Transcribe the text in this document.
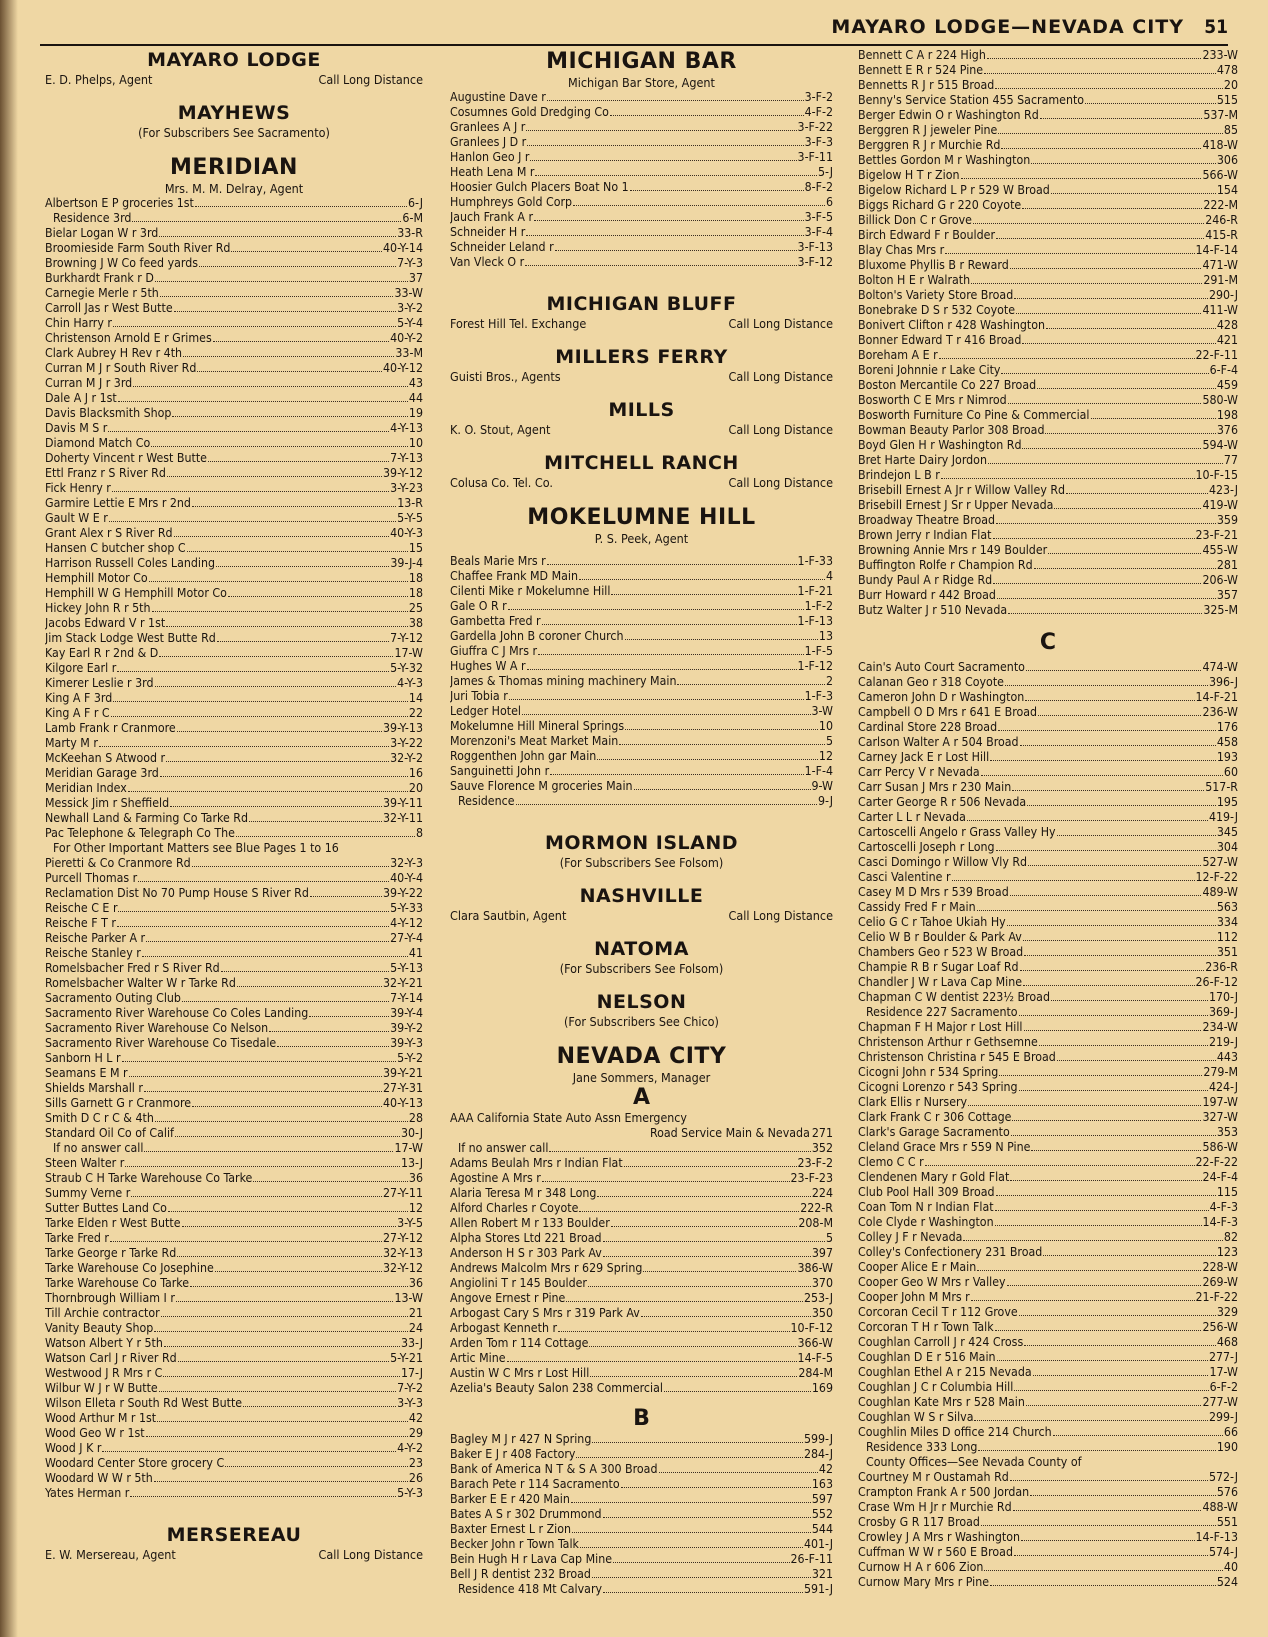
MAYARO LODGE—NEVADA CITY 51
MAYARO LODGE
E. D. Phelps, Agent	Call Long Distance
MAYHEWS
(For Subscribers See Sacramento)
MERIDIAN
Mrs. M. M. Delray, Agent
Albertson E P groceries 1st	6-J
Residence 3rd	6-M
Bielar Logan W r 3rd	33-R
Broomieside Farm South River Rd	40-Y-14
Browning J W Co feed yards	7-Y-3
Burkhardt Frank r D	37
Carnegie Merle r 5th	33-W
Carroll Jas r West Butte	3-Y-2
Chin Harry r	5-Y-4
Christenson Arnold E r Grimes	40-Y-2
Clark Aubrey H Rev r 4th	33-M
Curran M J r South River Rd	40-Y-12
Curran M J r 3rd	43
Dale A J r 1st	44
Davis Blacksmith Shop	19
Davis M S r	4-Y-13
Diamond Match Co	10
Doherty Vincent r West Butte	7-Y-13
Ettl Franz r S River Rd	39-Y-12
Fick Henry r	3-Y-23
Garmire Lettie E Mrs r 2nd	13-R
Gault W E r	5-Y-5
Grant Alex r S River Rd	40-Y-3
Hansen C butcher shop C	15
Harrison Russell Coles Landing	39-J-4
Hemphill Motor Co	18
Hemphill W G Hemphill Motor Co	18
Hickey John R r 5th	25
Jacobs Edward V r 1st	38
Jim Stack Lodge West Butte Rd	7-Y-12
Kay Earl R r 2nd & D	17-W
Kilgore Earl r	5-Y-32
Kimerer Leslie r 3rd	4-Y-3
King A F 3rd	14
King A F r C	22
Lamb Frank r Cranmore	39-Y-13
Marty M r	3-Y-22
McKeehan S Atwood r	32-Y-2
Meridian Garage 3rd	16
Meridian Index	20
Messick Jim r Sheffield	39-Y-11
Newhall Land & Farming Co Tarke Rd	32-Y-11
Pac Telephone & Telegraph Co The	8
For Other Important Matters see Blue Pages 1 to 16
Pieretti & Co Cranmore Rd	32-Y-3
Purcell Thomas r	40-Y-4
Reclamation Dist No 70 Pump House S River Rd	39-Y-22
Reische C E r	5-Y-33
Reische F T r	4-Y-12
Reische Parker A r	27-Y-4
Reische Stanley r	41
Romelsbacher Fred r S River Rd	5-Y-13
Romelsbacher Walter W r Tarke Rd	32-Y-21
Sacramento Outing Club	7-Y-14
Sacramento River Warehouse Co Coles Landing	39-Y-4
Sacramento River Warehouse Co Nelson	39-Y-2
Sacramento River Warehouse Co Tisedale	39-Y-3
Sanborn H L r	5-Y-2
Seamans E M r	39-Y-21
Shields Marshall r	27-Y-31
Sills Garnett G r Cranmore	40-Y-13
Smith D C r C & 4th	28
Standard Oil Co of Calif	30-J
If no answer call	17-W
Steen Walter r	13-J
Straub C H Tarke Warehouse Co Tarke	36
Summy Verne r	27-Y-11
Sutter Buttes Land Co	12
Tarke Elden r West Butte	3-Y-5
Tarke Fred r	27-Y-12
Tarke George r Tarke Rd	32-Y-13
Tarke Warehouse Co Josephine	32-Y-12
Tarke Warehouse Co Tarke	36
Thornbrough William I r	13-W
Till Archie contractor	21
Vanity Beauty Shop	24
Watson Albert Y r 5th	33-J
Watson Carl J r River Rd	5-Y-21
Westwood J R Mrs r C	17-J
Wilbur W J r W Butte	7-Y-2
Wilson Elleta r South Rd West Butte	3-Y-3
Wood Arthur M r 1st	42
Wood Geo W r 1st	29
Wood J K r	4-Y-2
Woodard Center Store grocery C	23
Woodard W W r 5th	26
Yates Herman r	5-Y-3
MERSEREAU
E. W. Mersereau, Agent	Call Long Distance
MICHIGAN BAR
Michigan Bar Store, Agent
Augustine Dave r	3-F-2
Cosumnes Gold Dredging Co	4-F-2
Granlees A J r	3-F-22
Granlees J D r	3-F-3
Hanlon Geo J r	3-F-11
Heath Lena M r	5-J
Hoosier Gulch Placers Boat No 1	8-F-2
Humphreys Gold Corp	6
Jauch Frank A r	3-F-5
Schneider H r	3-F-4
Schneider Leland r	3-F-13
Van Vleck O r	3-F-12
MICHIGAN BLUFF
Forest Hill Tel. Exchange	Call Long Distance
MILLERS FERRY
Guisti Bros., Agents	Call Long Distance
MILLS
K. O. Stout, Agent	Call Long Distance
MITCHELL RANCH
Colusa Co. Tel. Co.	Call Long Distance
MOKELUMNE HILL
P. S. Peek, Agent
Beals Marie Mrs r	1-F-33
Chaffee Frank MD Main	4
Cilenti Mike r Mokelumne Hill	1-F-21
Gale O R r	1-F-2
Gambetta Fred r	1-F-13
Gardella John B coroner Church	13
Giuffra C J Mrs r	1-F-5
Hughes W A r	1-F-12
James & Thomas mining machinery Main	2
Juri Tobia r	1-F-3
Ledger Hotel	3-W
Mokelumne Hill Mineral Springs	10
Morenzoni's Meat Market Main	5
Roggenthen John gar Main	12
Sanguinetti John r	1-F-4
Sauve Florence M groceries Main	9-W
Residence	9-J
MORMON ISLAND
(For Subscribers See Folsom)
NASHVILLE
Clara Sautbin, Agent	Call Long Distance
NATOMA
(For Subscribers See Folsom)
NELSON
(For Subscribers See Chico)
NEVADA CITY
Jane Sommers, Manager
A
AAA California State Auto Assn Emergency
Road Service Main & Nevada 271
If no answer call	352
Adams Beulah Mrs r Indian Flat	23-F-2
Agostine A Mrs r	23-F-23
Alaria Teresa M r 348 Long	224
Alford Charles r Coyote	222-R
Allen Robert M r 133 Boulder	208-M
Alpha Stores Ltd 221 Broad	5
Anderson H S r 303 Park Av	397
Andrews Malcolm Mrs r 629 Spring	386-W
Angiolini T r 145 Boulder	370
Angove Ernest r Pine	253-J
Arbogast Cary S Mrs r 319 Park Av	350
Arbogast Kenneth r	10-F-12
Arden Tom r 114 Cottage	366-W
Artic Mine	14-F-5
Austin W C Mrs r Lost Hill	284-M
Azelia's Beauty Salon 238 Commercial	169
B
Bagley M J r 427 N Spring	599-J
Baker E J r 408 Factory	284-J
Bank of America N T & S A 300 Broad	42
Barach Pete r 114 Sacramento	163
Barker E E r 420 Main	597
Bates A S r 302 Drummond	552
Baxter Ernest L r Zion	544
Becker John r Town Talk	401-J
Bein Hugh H r Lava Cap Mine	26-F-11
Bell J R dentist 232 Broad	321
Residence 418 Mt Calvary	591-J
Bennett C A r 224 High	233-W
Bennett E R r 524 Pine	478
Bennetts R J r 515 Broad	20
Benny's Service Station 455 Sacramento	515
Berger Edwin O r Washington Rd	537-M
Berggren R J jeweler Pine	85
Berggren R J r Murchie Rd	418-W
Bettles Gordon M r Washington	306
Bigelow H T r Zion	566-W
Bigelow Richard L P r 529 W Broad	154
Biggs Richard G r 220 Coyote	222-M
Billick Don C r Grove	246-R
Birch Edward F r Boulder	415-R
Blay Chas Mrs r	14-F-14
Bluxome Phyllis B r Reward	471-W
Bolton H E r Walrath	291-M
Bolton's Variety Store Broad	290-J
Bonebrake D S r 532 Coyote	411-W
Bonivert Clifton r 428 Washington	428
Bonner Edward T r 416 Broad	421
Boreham A E r	22-F-11
Boreni Johnnie r Lake City	6-F-4
Boston Mercantile Co 227 Broad	459
Bosworth C E Mrs r Nimrod	580-W
Bosworth Furniture Co Pine & Commercial	198
Bowman Beauty Parlor 308 Broad	376
Boyd Glen H r Washington Rd	594-W
Bret Harte Dairy Jordon	77
Brindejon L B r	10-F-15
Brisebill Ernest A Jr r Willow Valley Rd	423-J
Brisebill Ernest J Sr r Upper Nevada	419-W
Broadway Theatre Broad	359
Brown Jerry r Indian Flat	23-F-21
Browning Annie Mrs r 149 Boulder	455-W
Buffington Rolfe r Champion Rd	281
Bundy Paul A r Ridge Rd	206-W
Burr Howard r 442 Broad	357
Butz Walter J r 510 Nevada	325-M
C
Cain's Auto Court Sacramento	474-W
Calanan Geo r 318 Coyote	396-J
Cameron John D r Washington	14-F-21
Campbell O D Mrs r 641 E Broad	236-W
Cardinal Store 228 Broad	176
Carlson Walter A r 504 Broad	458
Carney Jack E r Lost Hill	193
Carr Percy V r Nevada	60
Carr Susan J Mrs r 230 Main	517-R
Carter George R r 506 Nevada	195
Carter L L r Nevada	419-J
Cartoscelli Angelo r Grass Valley Hy	345
Cartoscelli Joseph r Long	304
Casci Domingo r Willow Vly Rd	527-W
Casci Valentine r	12-F-22
Casey M D Mrs r 539 Broad	489-W
Cassidy Fred F r Main	563
Celio G C r Tahoe Ukiah Hy	334
Celio W B r Boulder & Park Av	112
Chambers Geo r 523 W Broad	351
Champie R B r Sugar Loaf Rd	236-R
Chandler J W r Lava Cap Mine	26-F-12
Chapman C W dentist 223½ Broad	170-J
Residence 227 Sacramento	369-J
Chapman F H Major r Lost Hill	234-W
Christenson Arthur r Gethsemne	219-J
Christenson Christina r 545 E Broad	443
Cicogni John r 534 Spring	279-M
Cicogni Lorenzo r 543 Spring	424-J
Clark Ellis r Nursery	197-W
Clark Frank C r 306 Cottage	327-W
Clark's Garage Sacramento	353
Cleland Grace Mrs r 559 N Pine	586-W
Clemo C C r	22-F-22
Clendenen Mary r Gold Flat	24-F-4
Club Pool Hall 309 Broad	115
Coan Tom N r Indian Flat	4-F-3
Cole Clyde r Washington	14-F-3
Colley J F r Nevada	82
Colley's Confectionery 231 Broad	123
Cooper Alice E r Main	228-W
Cooper Geo W Mrs r Valley	269-W
Cooper John M Mrs r	21-F-22
Corcoran Cecil T r 112 Grove	329
Corcoran T H r Town Talk	256-W
Coughlan Carroll J r 424 Cross	468
Coughlan D E r 516 Main	277-J
Coughlan Ethel A r 215 Nevada	17-W
Coughlan J C r Columbia Hill	6-F-2
Coughlan Kate Mrs r 528 Main	277-W
Coughlan W S r Silva	299-J
Coughlin Miles D office 214 Church	66
Residence 333 Long	190
County Offices—See Nevada County of
Courtney M r Oustamah Rd	572-J
Crampton Frank A r 500 Jordan	576
Crase Wm H Jr r Murchie Rd	488-W
Crosby G R 117 Broad	551
Crowley J A Mrs r Washington	14-F-13
Cuffman W W r 560 E Broad	574-J
Curnow H A r 606 Zion	40
Curnow Mary Mrs r Pine	524
